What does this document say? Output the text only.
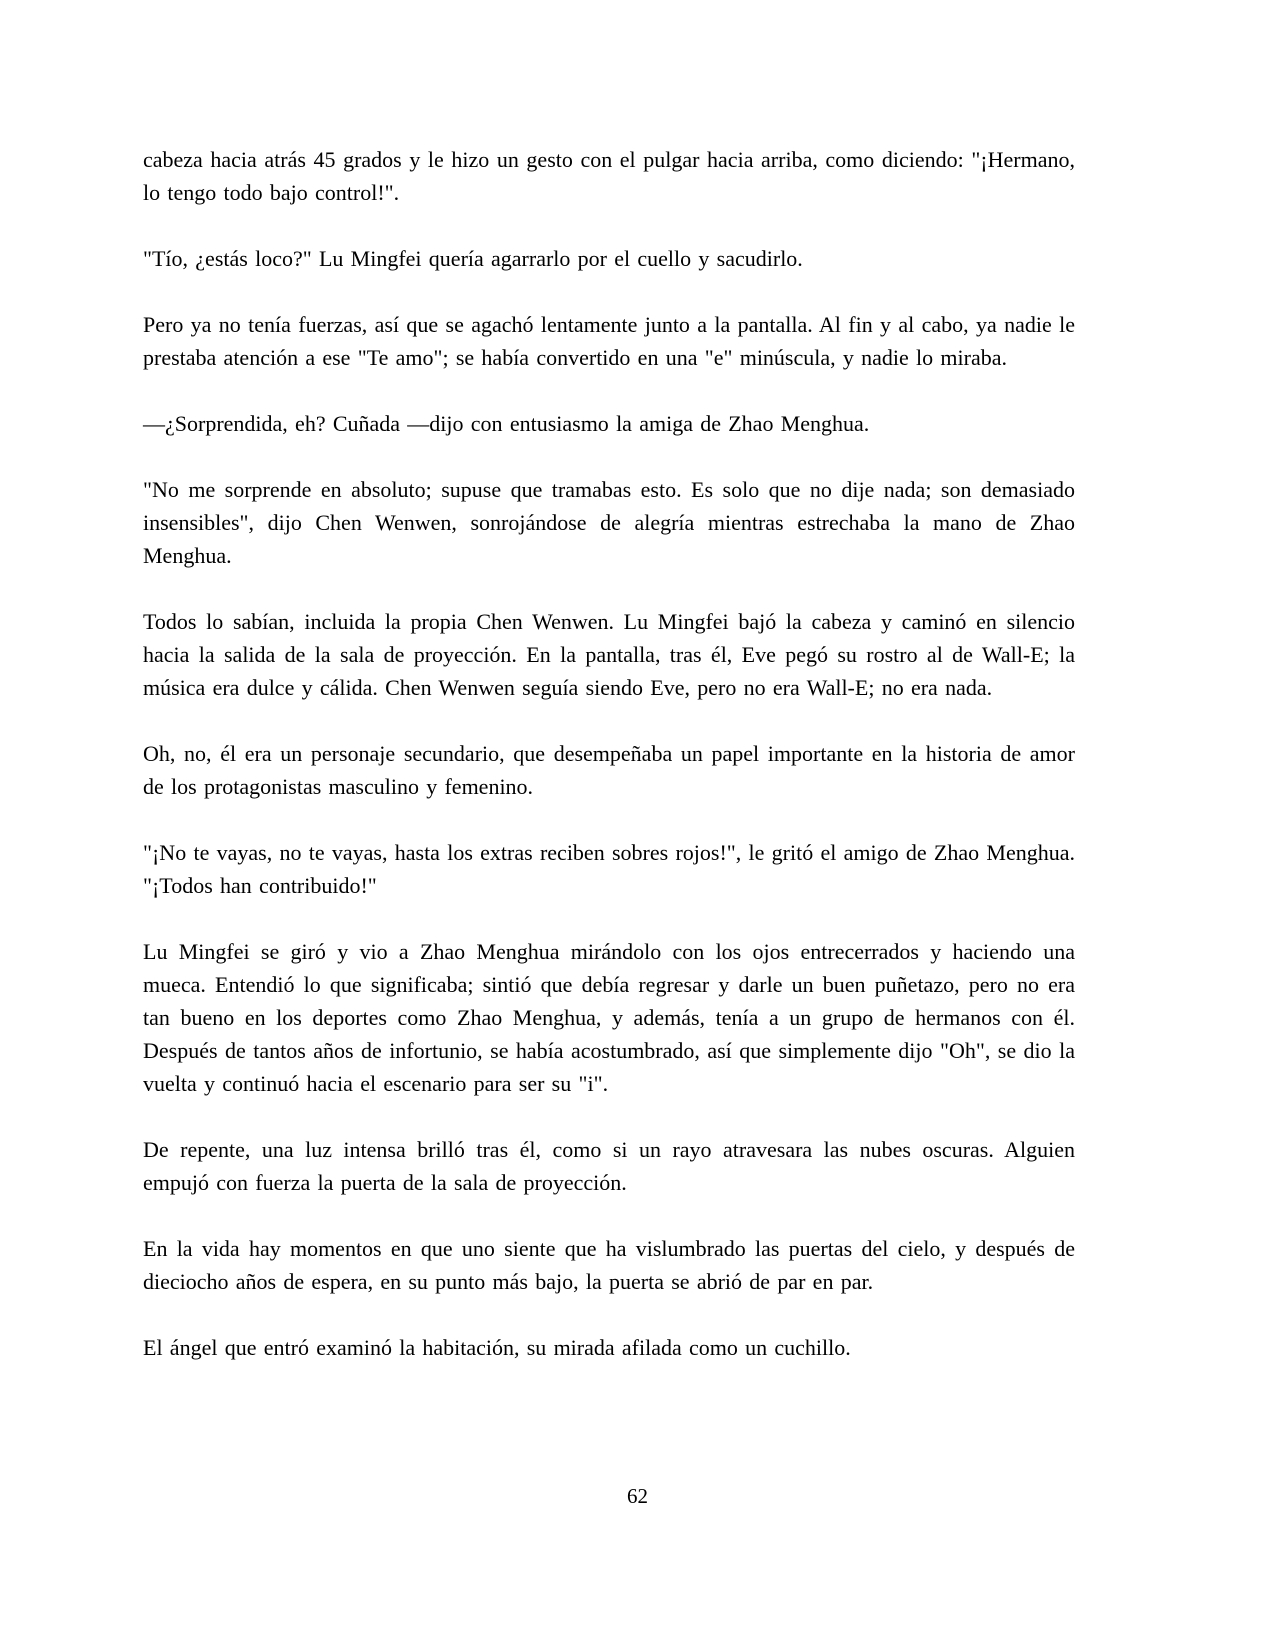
cabeza hacia atrás 45 grados y le hizo un gesto con el pulgar hacia arriba, como diciendo: "¡Hermano, lo tengo todo bajo control!".

"Tío, ¿estás loco?" Lu Mingfei quería agarrarlo por el cuello y sacudirlo.

Pero ya no tenía fuerzas, así que se agachó lentamente junto a la pantalla. Al fin y al cabo, ya nadie le prestaba atención a ese "Te amo"; se había convertido en una "e" minúscula, y nadie lo miraba.

—¿Sorprendida, eh? Cuñada —dijo con entusiasmo la amiga de Zhao Menghua.

"No me sorprende en absoluto; supuse que tramabas esto. Es solo que no dije nada; son demasiado insensibles", dijo Chen Wenwen, sonrojándose de alegría mientras estrechaba la mano de Zhao Menghua.

Todos lo sabían, incluida la propia Chen Wenwen. Lu Mingfei bajó la cabeza y caminó en silencio hacia la salida de la sala de proyección. En la pantalla, tras él, Eve pegó su rostro al de Wall-E; la música era dulce y cálida. Chen Wenwen seguía siendo Eve, pero no era Wall-E; no era nada.

Oh, no, él era un personaje secundario, que desempeñaba un papel importante en la historia de amor de los protagonistas masculino y femenino.

"¡No te vayas, no te vayas, hasta los extras reciben sobres rojos!", le gritó el amigo de Zhao Menghua. "¡Todos han contribuido!"

Lu Mingfei se giró y vio a Zhao Menghua mirándolo con los ojos entrecerrados y haciendo una mueca. Entendió lo que significaba; sintió que debía regresar y darle un buen puñetazo, pero no era tan bueno en los deportes como Zhao Menghua, y además, tenía a un grupo de hermanos con él. Después de tantos años de infortunio, se había acostumbrado, así que simplemente dijo "Oh", se dio la vuelta y continuó hacia el escenario para ser su "i".

De repente, una luz intensa brilló tras él, como si un rayo atravesara las nubes oscuras. Alguien empujó con fuerza la puerta de la sala de proyección.

En la vida hay momentos en que uno siente que ha vislumbrado las puertas del cielo, y después de dieciocho años de espera, en su punto más bajo, la puerta se abrió de par en par.

El ángel que entró examinó la habitación, su mirada afilada como un cuchillo.

62
